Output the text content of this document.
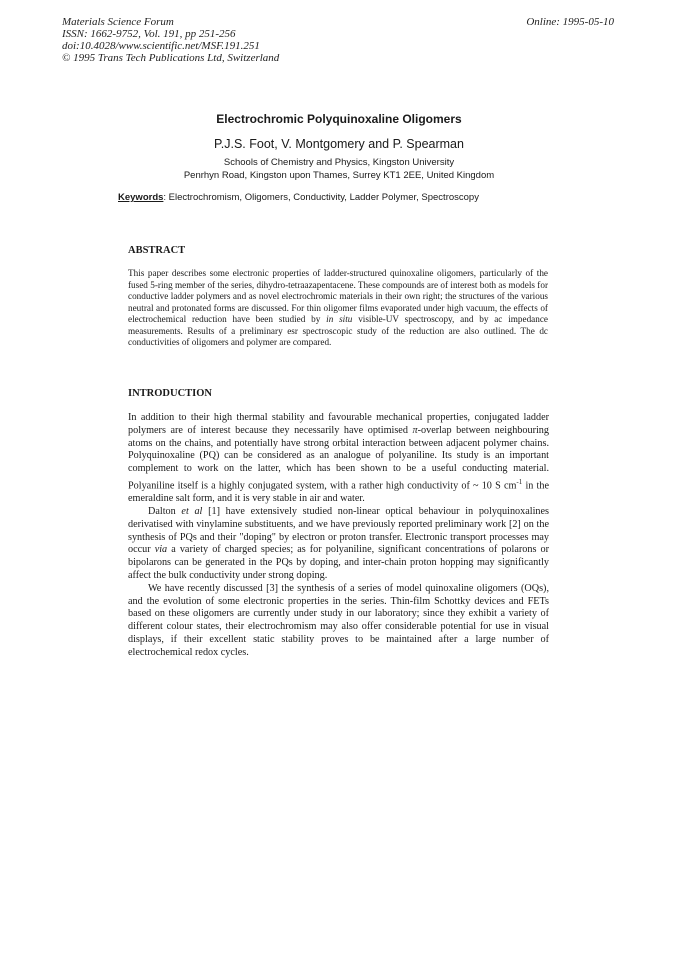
Materials Science Forum
ISSN: 1662-9752, Vol. 191, pp 251-256
doi:10.4028/www.scientific.net/MSF.191.251
© 1995 Trans Tech Publications Ltd, Switzerland
Online: 1995-05-10
Electrochromic Polyquinoxaline Oligomers
P.J.S. Foot, V. Montgomery and P. Spearman
Schools of Chemistry and Physics, Kingston University
Penrhyn Road, Kingston upon Thames, Surrey KT1 2EE, United Kingdom
Keywords: Electrochromism, Oligomers, Conductivity, Ladder Polymer, Spectroscopy
ABSTRACT
This paper describes some electronic properties of ladder-structured quinoxaline oligomers, particularly of the fused 5-ring member of the series, dihydro-tetraazapentacene. These compounds are of interest both as models for conductive ladder polymers and as novel electrochromic materials in their own right; the structures of the various neutral and protonated forms are discussed. For thin oligomer films evaporated under high vacuum, the effects of electrochemical reduction have been studied by in situ visible-UV spectroscopy, and by ac impedance measurements. Results of a preliminary esr spectroscopic study of the reduction are also outlined. The dc conductivities of oligomers and polymer are compared.
INTRODUCTION

In addition to their high thermal stability and favourable mechanical properties, conjugated ladder polymers are of interest because they necessarily have optimised π-overlap between neighbouring atoms on the chains, and potentially have strong orbital interaction between adjacent polymer chains. Polyquinoxaline (PQ) can be considered as an analogue of polyaniline. Its study is an important complement to work on the latter, which has been shown to be a useful conducting material. Polyaniline itself is a highly conjugated system, with a rather high conductivity of ~ 10 S $cm^{-1}$ in the emeraldine salt form, and it is very stable in air and water.

Dalton et al [1] have extensively studied non-linear optical behaviour in polyquinoxalines derivatised with vinylamine substituents, and we have previously reported preliminary work [2] on the synthesis of PQs and their "doping" by electron or proton transfer. Electronic transport processes may occur via a variety of charged species; as for polyaniline, significant concentrations of polarons or bipolarons can be generated in the PQs by doping, and inter-chain proton hopping may significantly affect the bulk conductivity under strong doping.

We have recently discussed [3] the synthesis of a series of model quinoxaline oligomers (OQs), and the evolution of some electronic properties in the series. Thin-film Schottky devices and FETs based on these oligomers are currently under study in our laboratory; since they exhibit a variety of different colour states, their electrochromism may also offer considerable potential for use in visual displays, if their excellent static stability proves to be maintained after a large number of electrochemical redox cycles.
